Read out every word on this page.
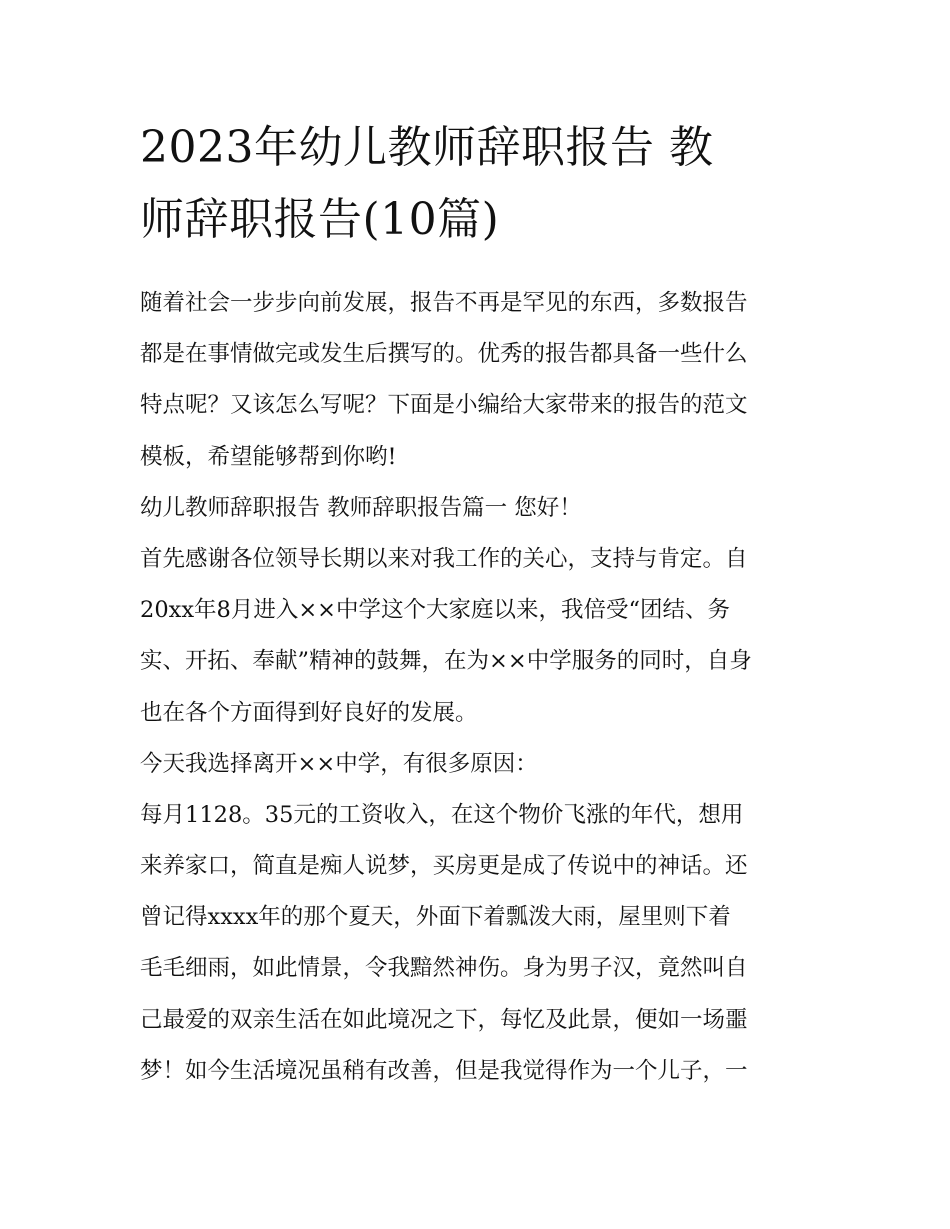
2023年幼儿教师辞职报告 教
师辞职报告(10篇)
随着社会一步步向前发展，报告不再是罕见的东西，多数报告
都是在事情做完或发生后撰写的。优秀的报告都具备一些什么
特点呢？又该怎么写呢？下面是小编给大家带来的报告的范文
模板，希望能够帮到你哟!
幼儿教师辞职报告 教师辞职报告篇一 您好！
首先感谢各位领导长期以来对我工作的关心，支持与肯定。自
20xx年8月进入××中学这个大家庭以来，我倍受“团结、务
实、开拓、奉献”精神的鼓舞，在为××中学服务的同时，自身
也在各个方面得到好良好的发展。
今天我选择离开××中学，有很多原因：
每月1128。35元的工资收入，在这个物价飞涨的年代，想用
来养家口，简直是痴人说梦，买房更是成了传说中的神话。还
曾记得xxxx年的那个夏天，外面下着瓢泼大雨，屋里则下着
毛毛细雨，如此情景，令我黯然神伤。身为男子汉，竟然叫自
己最爱的双亲生活在如此境况之下，每忆及此景，便如一场噩
梦！如今生活境况虽稍有改善，但是我觉得作为一个儿子，一
